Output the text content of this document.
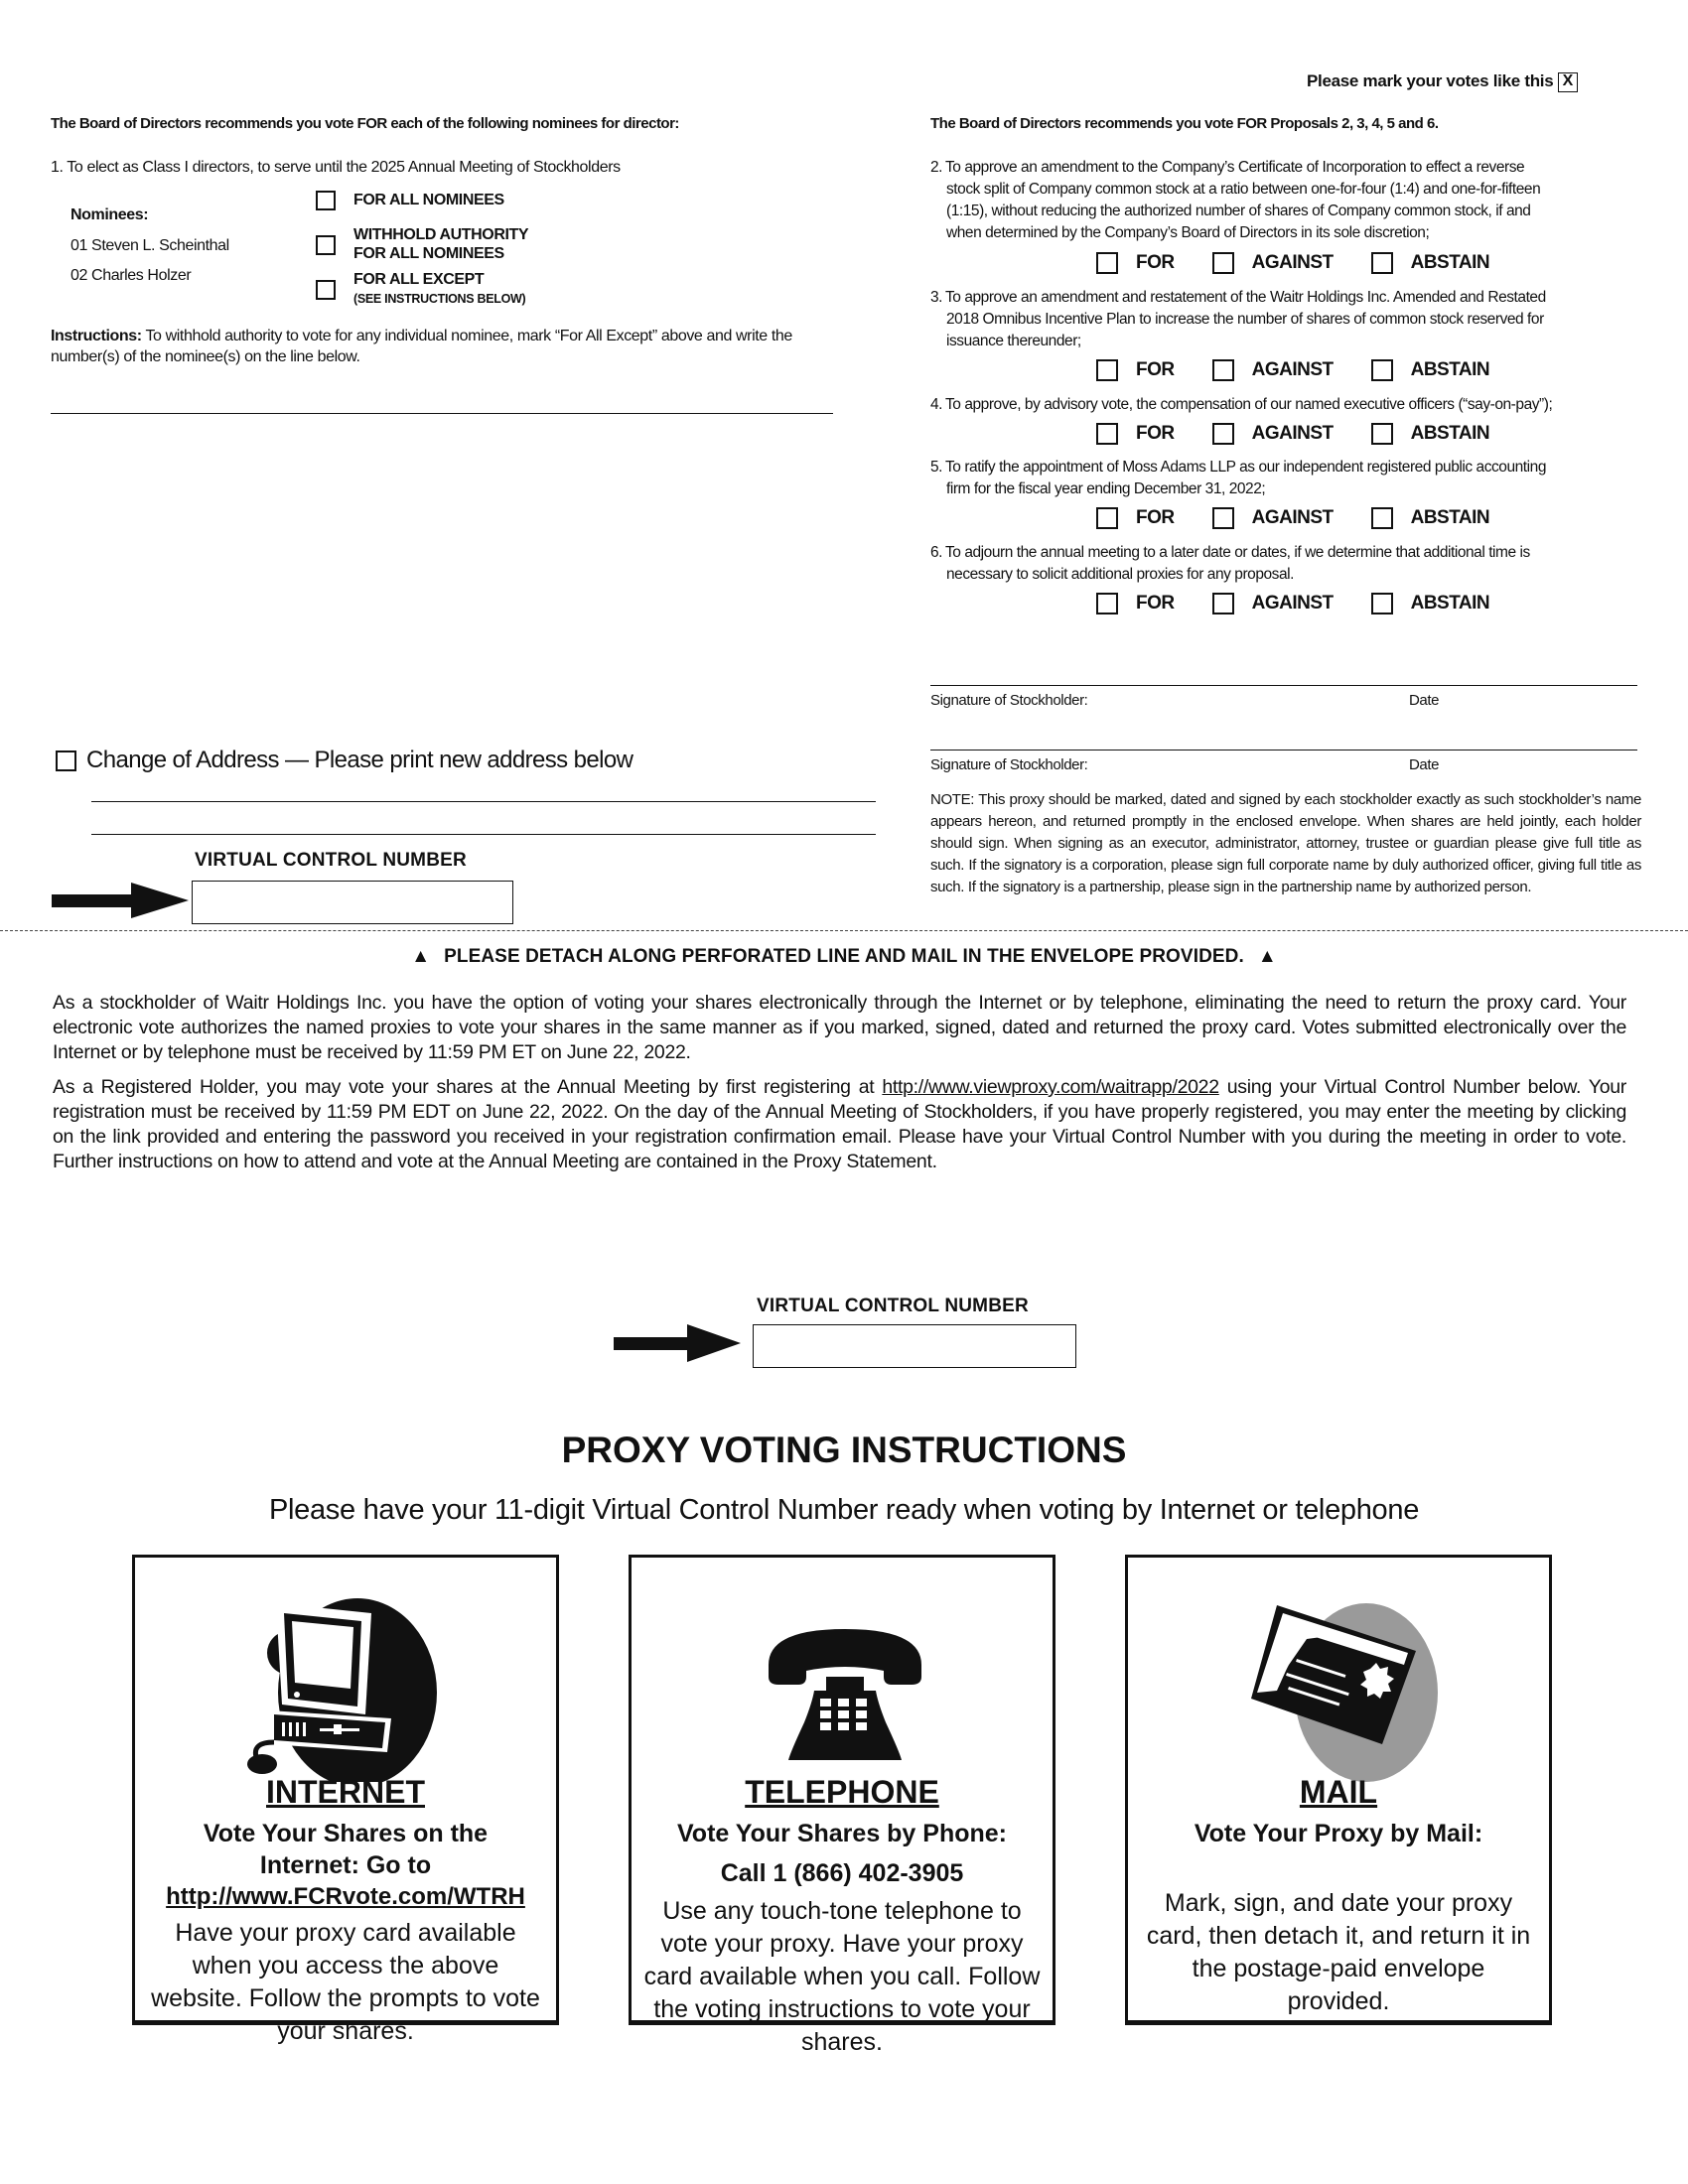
Please mark your votes like this X
The Board of Directors recommends you vote FOR each of the following nominees for director:
1. To elect as Class I directors, to serve until the 2025 Annual Meeting of Stockholders
Nominees:
01 Steven L. Scheinthal
02 Charles Holzer
FOR ALL NOMINEES
WITHHOLD AUTHORITY
FOR ALL NOMINEES
FOR ALL EXCEPT
(SEE INSTRUCTIONS BELOW)
Instructions: To withhold authority to vote for any individual nominee, mark “For All Except” above and write the number(s) of the nominee(s) on the line below.
Change of Address — Please print new address below
VIRTUAL CONTROL NUMBER
The Board of Directors recommends you vote FOR Proposals 2, 3, 4, 5 and 6.
2. To approve an amendment to the Company’s Certificate of Incorporation to effect a reverse
stock split of Company common stock at a ratio between one-for-four (1:4) and one-for-fifteen
(1:15), without reducing the authorized number of shares of Company common stock, if and
when determined by the Company’s Board of Directors in its sole discretion;
FOR	AGAINST	ABSTAIN
3. To approve an amendment and restatement of the Waitr Holdings Inc. Amended and Restated
2018 Omnibus Incentive Plan to increase the number of shares of common stock reserved for
issuance thereunder;
FOR	AGAINST	ABSTAIN
4. To approve, by advisory vote, the compensation of our named executive officers (“say-on-pay”);
FOR	AGAINST	ABSTAIN
5. To ratify the appointment of Moss Adams LLP as our independent registered public accounting
firm for the fiscal year ending December 31, 2022;
FOR	AGAINST	ABSTAIN
6. To adjourn the annual meeting to a later date or dates, if we determine that additional time is
necessary to solicit additional proxies for any proposal.
FOR	AGAINST	ABSTAIN
Signature of Stockholder:	Date
Signature of Stockholder:	Date
NOTE: This proxy should be marked, dated and signed by each stockholder exactly as such stockholder’s name appears hereon, and returned promptly in the enclosed envelope. When shares are held jointly, each holder should sign. When signing as an executor, administrator, attorney, trustee or guardian please give full title as such. If the signatory is a corporation, please sign full corporate name by duly authorized officer, giving full title as such. If the signatory is a partnership, please sign in the partnership name by authorized person.
▲ PLEASE DETACH ALONG PERFORATED LINE AND MAIL IN THE ENVELOPE PROVIDED. ▲
As a stockholder of Waitr Holdings Inc. you have the option of voting your shares electronically through the Internet or by telephone, eliminating the need to return the proxy card. Your electronic vote authorizes the named proxies to vote your shares in the same manner as if you marked, signed, dated and returned the proxy card. Votes submitted electronically over the Internet or by telephone must be received by 11:59 PM ET on June 22, 2022.
As a Registered Holder, you may vote your shares at the Annual Meeting by first registering at http://www.viewproxy.com/waitrapp/2022 using your Virtual Control Number below. Your registration must be received by 11:59 PM EDT on June 22, 2022. On the day of the Annual Meeting of Stockholders, if you have properly registered, you may enter the meeting by clicking on the link provided and entering the password you received in your registration confirmation email. Please have your Virtual Control Number with you during the meeting in order to vote. Further instructions on how to attend and vote at the Annual Meeting are contained in the Proxy Statement.
VIRTUAL CONTROL NUMBER
PROXY VOTING INSTRUCTIONS
Please have your 11-digit Virtual Control Number ready when voting by Internet or telephone
INTERNET
Vote Your Shares on the
Internet: Go to
http://www.FCRvote.com/WTRH
Have your proxy card available when you access the above website. Follow the prompts to vote your shares.
TELEPHONE
Vote Your Shares by Phone:
Call 1 (866) 402-3905
Use any touch-tone telephone to vote your proxy. Have your proxy card available when you call. Follow the voting instructions to vote your shares.
MAIL
Vote Your Proxy by Mail:
Mark, sign, and date your proxy card, then detach it, and return it in the postage-paid envelope provided.
